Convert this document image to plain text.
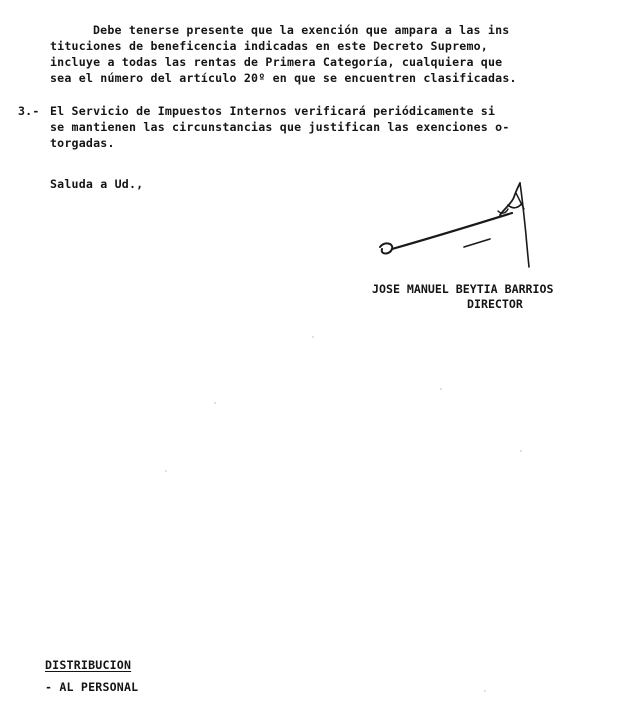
Debe tenerse presente que la exención que ampara a las ins
tituciones de beneficencia indicadas en este Decreto Supremo,
incluye a todas las rentas de Primera Categoría, cualquiera que
sea el número del artículo 20º en que se encuentren clasificadas.
3.- El Servicio de Impuestos Internos verificará periódicamente si
se mantienen las circunstancias que justifican las exenciones o-
torgadas.
Saluda a Ud.,
JOSE MANUEL BEYTIA BARRIOS
DIRECTOR
DISTRIBUCION
- AL PERSONAL
